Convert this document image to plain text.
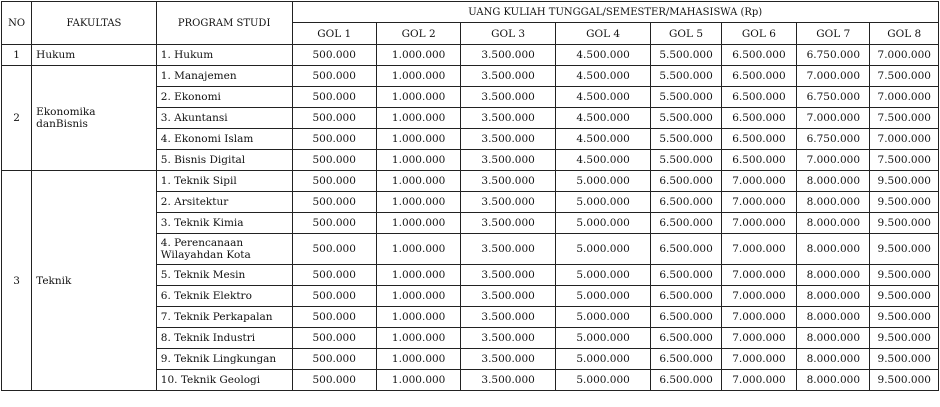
NO	FAKULTAS	PROGRAM STUDI	UANG KULIAH TUNGGAL/SEMESTER/MAHASISWA (Rp)							
			GOL 1	GOL 2	GOL 3	GOL 4	GOL 5	GOL 6	GOL 7	GOL 8
1	Hukum	1. Hukum	500.000	1.000.000	3.500.000	4.500.000	5.500.000	6.500.000	6.750.000	7.000.000
2	Ekonomika danBisnis	1. Manajemen	500.000	1.000.000	3.500.000	4.500.000	5.500.000	6.500.000	7.000.000	7.500.000
		2. Ekonomi	500.000	1.000.000	3.500.000	4.500.000	5.500.000	6.500.000	6.750.000	7.000.000
		3. Akuntansi	500.000	1.000.000	3.500.000	4.500.000	5.500.000	6.500.000	7.000.000	7.500.000
		4. Ekonomi Islam	500.000	1.000.000	3.500.000	4.500.000	5.500.000	6.500.000	6.750.000	7.000.000
		5. Bisnis Digital	500.000	1.000.000	3.500.000	4.500.000	5.500.000	6.500.000	7.000.000	7.500.000
3	Teknik	1. Teknik Sipil	500.000	1.000.000	3.500.000	5.000.000	6.500.000	7.000.000	8.000.000	9.500.000
		2. Arsitektur	500.000	1.000.000	3.500.000	5.000.000	6.500.000	7.000.000	8.000.000	9.500.000
		3. Teknik Kimia	500.000	1.000.000	3.500.000	5.000.000	6.500.000	7.000.000	8.000.000	9.500.000
		4. Perencanaan Wilayahdan Kota	500.000	1.000.000	3.500.000	5.000.000	6.500.000	7.000.000	8.000.000	9.500.000
		5. Teknik Mesin	500.000	1.000.000	3.500.000	5.000.000	6.500.000	7.000.000	8.000.000	9.500.000
		6. Teknik Elektro	500.000	1.000.000	3.500.000	5.000.000	6.500.000	7.000.000	8.000.000	9.500.000
		7. Teknik Perkapalan	500.000	1.000.000	3.500.000	5.000.000	6.500.000	7.000.000	8.000.000	9.500.000
		8. Teknik Industri	500.000	1.000.000	3.500.000	5.000.000	6.500.000	7.000.000	8.000.000	9.500.000
		9. Teknik Lingkungan	500.000	1.000.000	3.500.000	5.000.000	6.500.000	7.000.000	8.000.000	9.500.000
		10. Teknik Geologi	500.000	1.000.000	3.500.000	5.000.000	6.500.000	7.000.000	8.000.000	9.500.000
